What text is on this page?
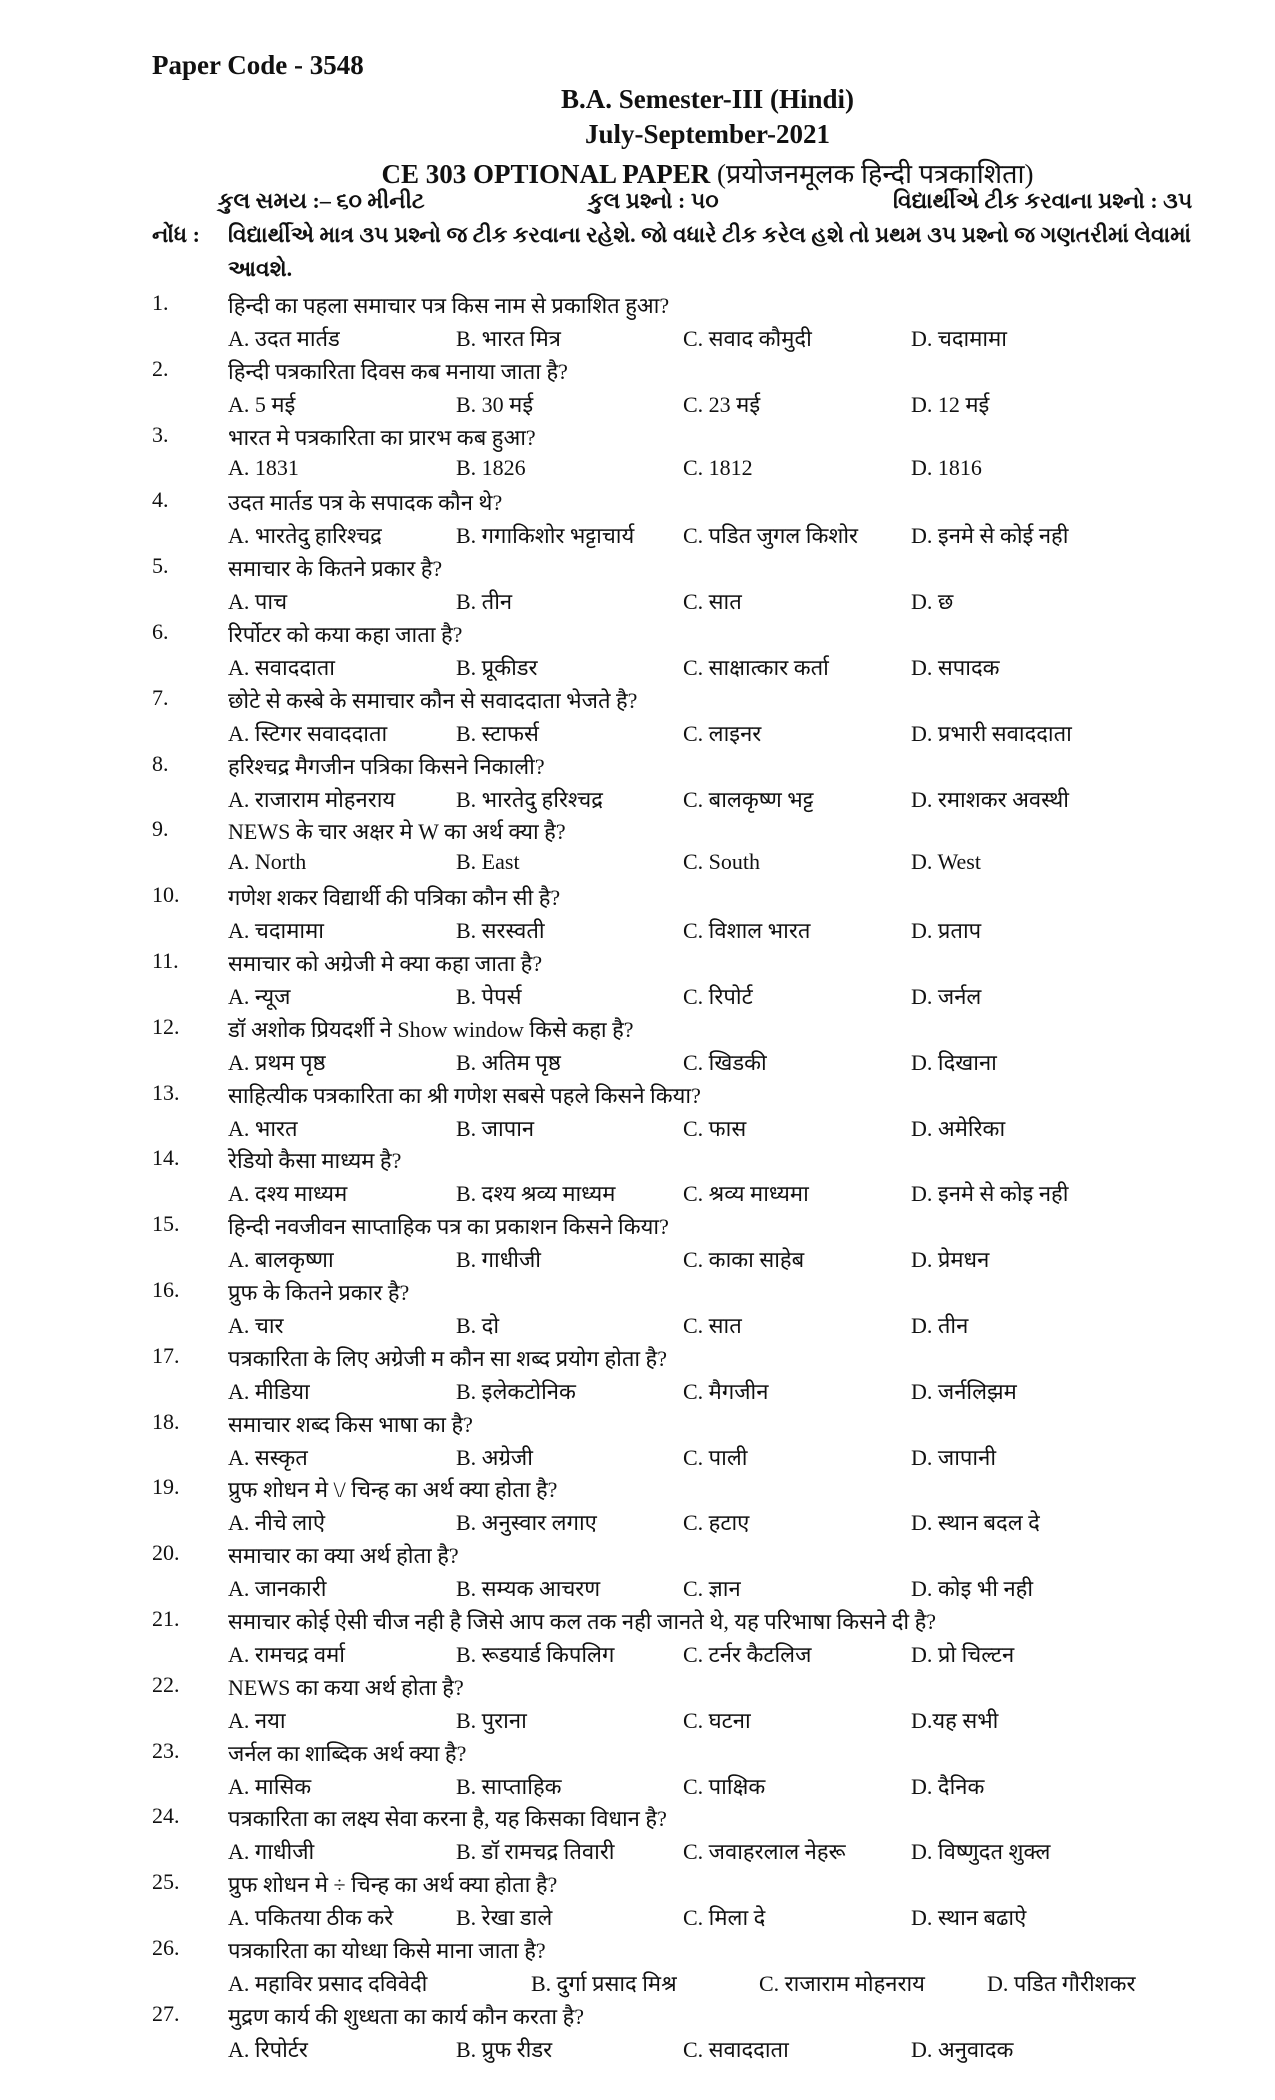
Paper Code - 3548
B.A. Semester-III (Hindi)
July-September-2021
CE 303 OPTIONAL PAPER (प्रयोजनमूलक हिन्दी पत्रकाशिता)
કુલ સમય :– ૬૦ મીનીટ	કુલ પ્રશ્નો : ૫૦	વિદ્યાર્થીએ ટીક કરવાના પ્રશ્નો : ૩૫
નોંધ : વિદ્યાર્થીએ માત્ર ૩૫ પ્રશ્નો જ ટીક કરવાના રહેશે. જો વધારે ટીક કરેલ હશે તો પ્રથમ ૩૫ પ્રશ્નો જ ગણતરીમાં લેવામાં
આવશે.
1.	हिन्दी का पहला समाचार पत्र किस नाम से प्रकाशित हुआ?
A. उदत मार्तड	B. भारत मित्र	C. सवाद कौमुदी	D. चदामामा
2.	हिन्दी पत्रकारिता दिवस कब मनाया जाता है?
A. 5 मई	B. 30 मई	C. 23 मई	D. 12 मई
3.	भारत मे पत्रकारिता का प्रारभ कब हुआ?
A. 1831	B. 1826	C. 1812	D. 1816
4.	उदत मार्तड पत्र के सपादक कौन थे?
A. भारतेदु हारिश्चद्र	B. गगाकिशोर भट्टाचार्य C. पडित जुगल किशोर D. इनमे से कोई नही
5.	समाचार के कितने प्रकार है?
A. पाच	B. तीन	C. सात	D. छ
6.	रिर्पोटर को कया कहा जाता है?
A. सवाददाता	B. प्रूकीडर	C. साक्षात्कार कर्ता	D. सपादक
7.	छोटे से कस्बे के समाचार कौन से सवाददाता भेजते है?
A. स्टिगर सवाददाता	B. स्टाफर्स	C. लाइनर	D. प्रभारी सवाददाता
8.	हरिश्चद्र मैगजीन पत्रिका किसने निकाली?
A. राजाराम मोहनराय	B. भारतेदु हरिश्चद्र	C. बालकृष्ण भट्ट	D. रमाशकर अवस्थी
9.	NEWS के चार अक्षर मे W का अर्थ क्या है?
A. North	B. East	C. South	D. West
10. गणेश शकर विद्यार्थी की पत्रिका कौन सी है?
A. चदामामा	B. सरस्वती	C. विशाल भारत	D. प्रताप
11. समाचार को अग्रेजी मे क्या कहा जाता है?
A. न्यूज	B. पेपर्स	C. रिपोर्ट	D. जर्नल
12. डॉ अशोक प्रियदर्शी ने Show window किसे कहा है?
A. प्रथम पृष्ठ	B. अतिम पृष्ठ	C. खिडकी	D. दिखाना
13. साहित्यीक पत्रकारिता का श्री गणेश सबसे पहले किसने किया?
A. भारत	B. जापान	C. फास	D. अमेरिका
14. रेडियो कैसा माध्यम है?
A. दश्य माध्यम	B. दश्य श्रव्य माध्यम	C. श्रव्य माध्यमा	D. इनमे से कोइ नही
15. हिन्दी नवजीवन साप्ताहिक पत्र का प्रकाशन किसने किया?
A. बालकृष्णा	B. गाधीजी	C. काका साहेब	D. प्रेमधन
16. प्रुफ के कितने प्रकार है?
A. चार	B. दो	C. सात	D. तीन
17. पत्रकारिता के लिए अग्रेजी म कौन सा शब्द प्रयोग होता है?
A. मीडिया	B. इलेकटोनिक	C. मैगजीन	D. जर्नलिझम
18. समाचार शब्द किस भाषा का है?
A. सस्कृत	B. अग्रेजी	C. पाली	D. जापानी
19. प्रुफ शोधन मे \/ चिन्ह का अर्थ क्या होता है?
A. नीचे लाऐ	B. अनुस्वार लगाए	C. हटाए	D. स्थान बदल दे
20. समाचार का क्या अर्थ होता है?
A. जानकारी	B. सम्यक आचरण	C. ज्ञान	D. कोइ भी नही
21. समाचार कोई ऐसी चीज नही है जिसे आप कल तक नही जानते थे, यह परिभाषा किसने दी है?
A. रामचद्र वर्मा	B. रूडयार्ड किपलिग	C. टर्नर कैटलिज	D. प्रो चिल्टन
22. NEWS का कया अर्थ होता है?
A. नया	B. पुराना	C. घटना	D.यह सभी
23. जर्नल का शाब्दिक अर्थ क्या है?
A. मासिक	B. साप्ताहिक	C. पाक्षिक	D. दैनिक
24. पत्रकारिता का लक्ष्य सेवा करना है, यह किसका विधान है?
A. गाधीजी	B. डॉ रामचद्र तिवारी	C. जवाहरलाल नेहरू	D. विष्णुदत शुक्ल
25. प्रुफ शोधन मे ÷ चिन्ह का अर्थ क्या होता है?
A. पकितया ठीक करे	B. रेखा डाले	C. मिला दे	D. स्थान बढाऐ
26. पत्रकारिता का योध्धा किसे माना जाता है?
A. महाविर प्रसाद दविवेदी	B. दुर्गा प्रसाद मिश्र	C. राजाराम मोहनराय	D. पडित गौरीशकर
27. मुद्रण कार्य की शुध्धता का कार्य कौन करता है?
A. रिपोर्टर	B. प्रुफ रीडर	C. सवाददाता	D. अनुवादक
